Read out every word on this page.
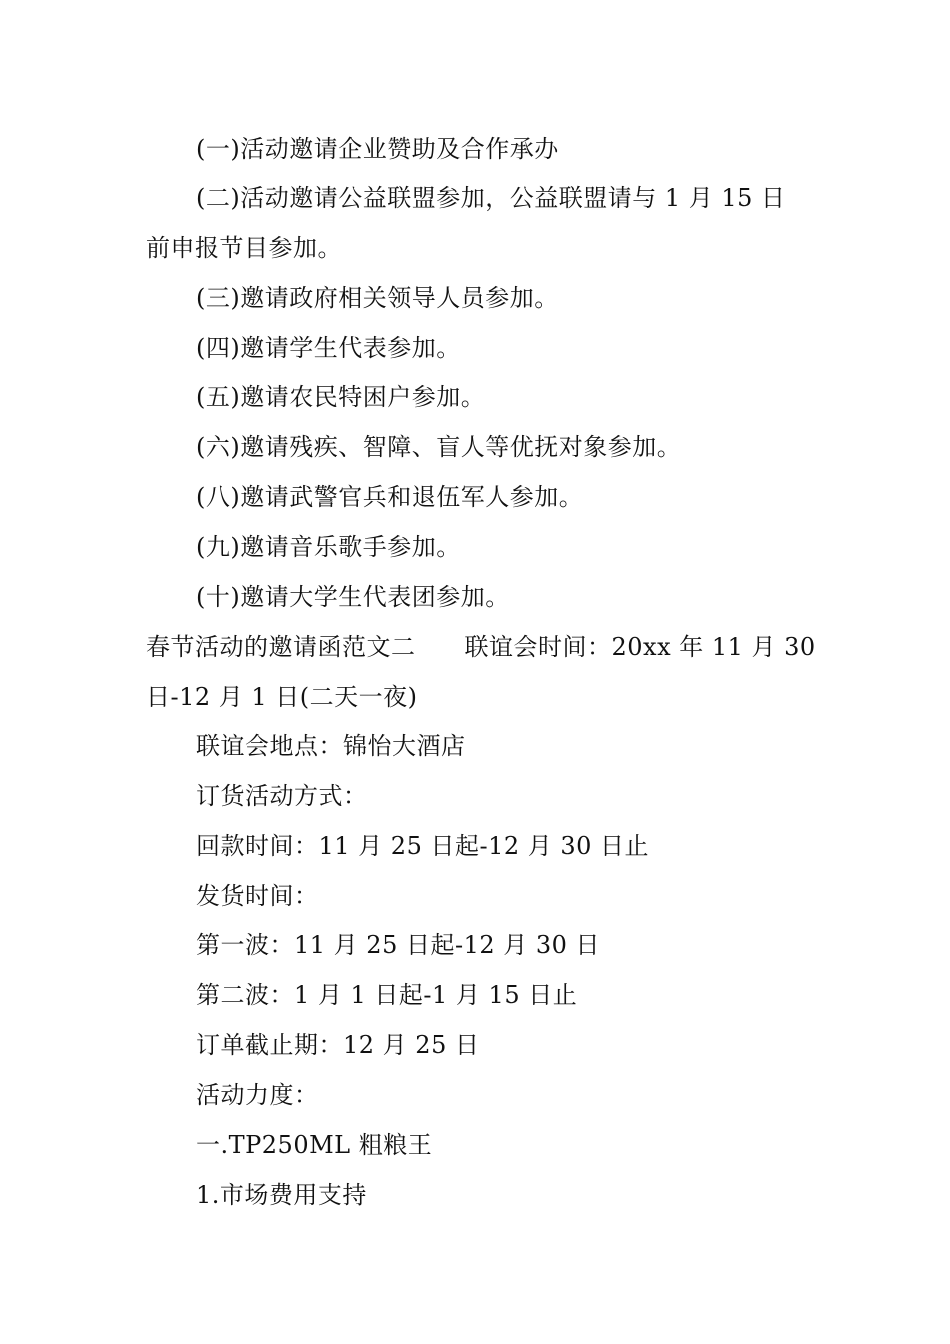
(一)活动邀请企业赞助及合作承办
(二)活动邀请公益联盟参加，公益联盟请与 1 月 15 日
前申报节目参加。
(三)邀请政府相关领导人员参加。
(四)邀请学生代表参加。
(五)邀请农民特困户参加。
(六)邀请残疾、智障、盲人等优抚对象参加。
(八)邀请武警官兵和退伍军人参加。
(九)邀请音乐歌手参加。
(十)邀请大学生代表团参加。
春节活动的邀请函范文二　　联谊会时间：20xx 年 11 月 30
日-12 月 1 日(二天一夜)
联谊会地点：锦怡大酒店
订货活动方式：
回款时间：11 月 25 日起-12 月 30 日止
发货时间：
第一波：11 月 25 日起-12 月 30 日
第二波：1 月 1 日起-1 月 15 日止
订单截止期：12 月 25 日
活动力度：
一.TP250ML 粗粮王
1.市场费用支持
